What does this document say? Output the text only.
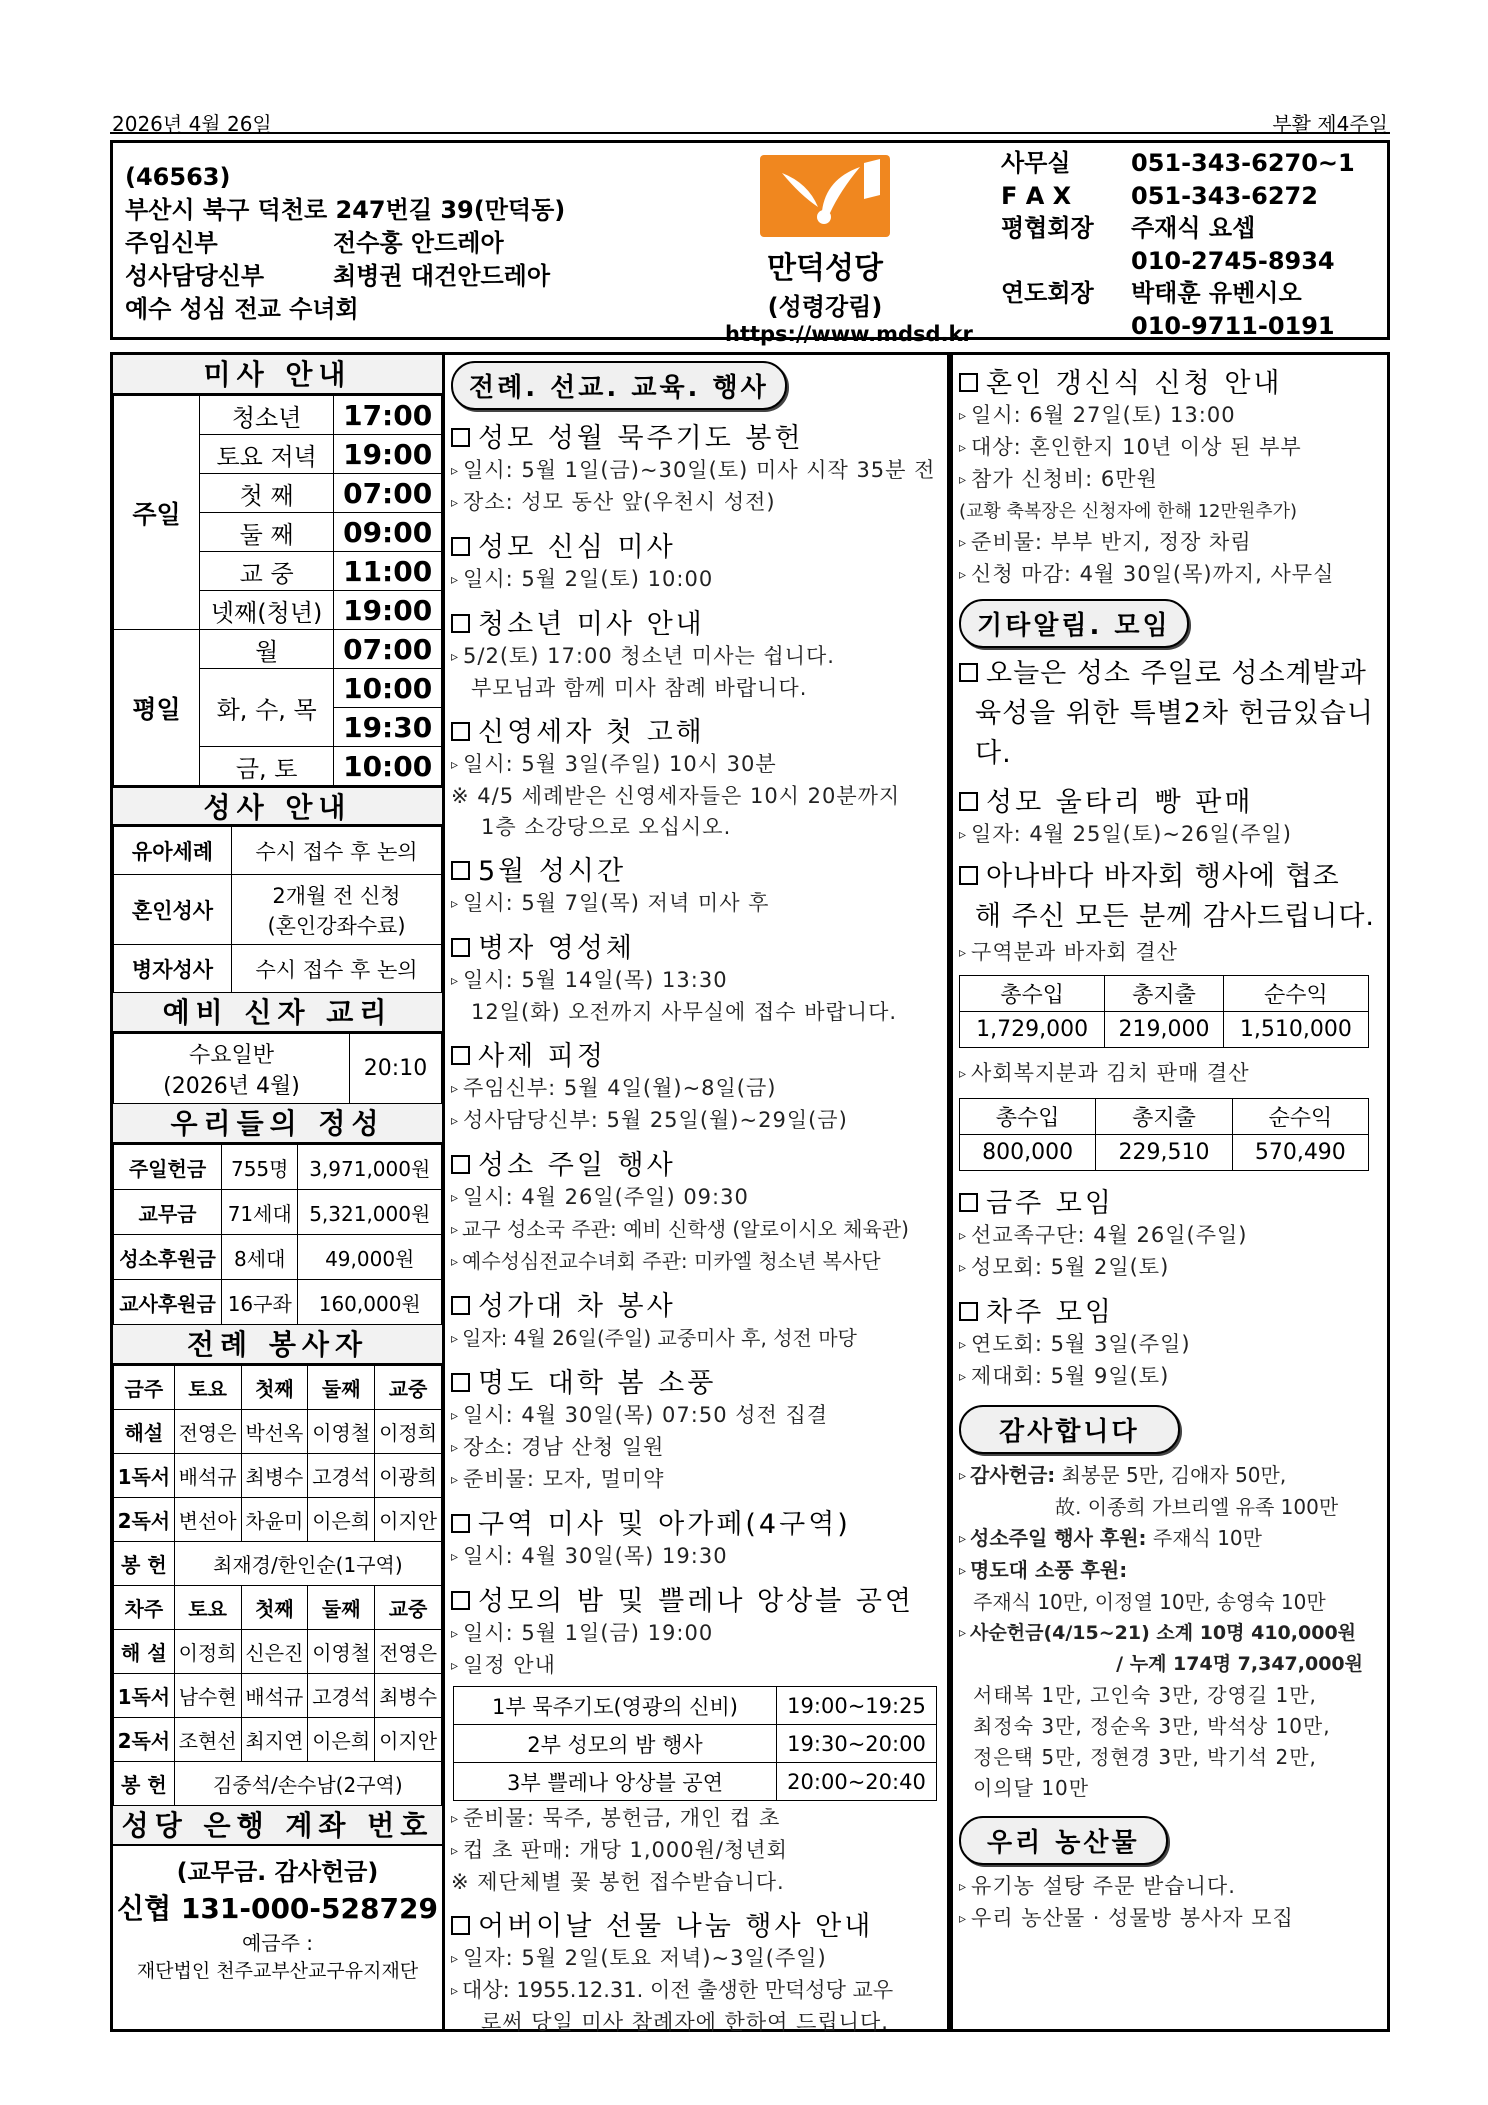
2026년 4월 26일	부활 제4주일
(46563)
부산시 북구 덕천로 247번길 39(만덕동)
주임신부	전수홍 안드레아
성사담당신부	최병권 대건안드레아
예수 성심 전교 수녀회
만덕성당
(성령강림)
https://www.mdsd.kr
사무실	051-343-6270~1
F A X 051-343-6272
평협회장 주재식 요셉
010-2745-8934
연도회장 박태훈 유벤시오
010-9711-0191
미사 안내
주일	청소년	17:00
	토요 저녁	19:00
	첫 째	07:00
	둘 째	09:00
	교 중	11:00
	넷째(청년)	19:00
평일	월	07:00
	화, 수, 목	10:00
		19:30
	금, 토	10:00
성사 안내
유아세례	수시 접수 후 논의
혼인성사	2개월 전 신청
(혼인강좌수료)

병자성사	수시 접수 후 논의
예비 신자 교리
수요일반
(2026년 4월)
	20:10
우리들의 정성
주일헌금	755명	3,971,000원
교무금	71세대	5,321,000원
성소후원금	8세대	49,000원
교사후원금	16구좌	160,000원
전례 봉사자
금주	토요	첫째	둘째	교중
해설	전영은	박선옥	이영철	이정희
1독서	배석규	최병수	고경석	이광희
2독서	변선아	차윤미	이은희	이지안
봉 헌	최재경/한인순(1구역)			
차주	토요	첫째	둘째	교중
해 설	이정희	신은진	이영철	전영은
1독서	남수현	배석규	고경석	최병수
2독서	조현선	최지연	이은희	이지안
봉 헌	김중석/손수남(2구역)			
성당 은행 계좌 번호
(교무금. 감사헌금)
신협 131-000-528729
예금주 :
재단법인 천주교부산교구유지재단
전례. 선교. 교육. 행사
성모 성월 묵주기도 봉헌
▹ 일시: 5월 1일(금)~30일(토) 미사 시작 35분 전
▹ 장소: 성모 동산 앞(우천시 성전)
성모 신심 미사
▹ 일시: 5월 2일(토) 10:00
청소년 미사 안내
▹ 5/2(토) 17:00 청소년 미사는 쉽니다.
부모님과 함께 미사 참례 바랍니다.
신영세자 첫 고해
▹ 일시: 5월 3일(주일) 10시 30분
※ 4/5 세례받은 신영세자들은 10시 20분까지
1층 소강당으로 오십시오.
5월 성시간
▹ 일시: 5월 7일(목) 저녁 미사 후
병자 영성체
▹ 일시: 5월 14일(목) 13:30
12일(화) 오전까지 사무실에 접수 바랍니다.
사제 피정
▹ 주임신부: 5월 4일(월)~8일(금)
▹ 성사담당신부: 5월 25일(월)~29일(금)
성소 주일 행사
▹ 일시: 4월 26일(주일) 09:30
▹ 교구 성소국 주관: 예비 신학생 (알로이시오 체육관)
▹ 예수성심전교수녀회 주관: 미카엘 청소년 복사단
성가대 차 봉사
▹ 일자: 4월 26일(주일) 교중미사 후, 성전 마당
명도 대학 봄 소풍
▹ 일시: 4월 30일(목) 07:50 성전 집결
▹ 장소: 경남 산청 일원
▹ 준비물: 모자, 멀미약
구역 미사 및 아가페(4구역)
▹ 일시: 4월 30일(목) 19:30
성모의 밤 및 쁠레나 앙상블 공연
▹ 일시: 5월 1일(금) 19:00
▹ 일정 안내
1부 묵주기도(영광의 신비)	19:00~19:25
2부 성모의 밤 행사	19:30~20:00
3부 쁠레나 앙상블 공연	20:00~20:40
▹ 준비물: 묵주, 봉헌금, 개인 컵 초
▹ 컵 초 판매: 개당 1,000원/청년회
※ 제단체별 꽃 봉헌 접수받습니다.
어버이날 선물 나눔 행사 안내
▹ 일자: 5월 2일(토요 저녁)~3일(주일)
▹ 대상: 1955.12.31. 이전 출생한 만덕성당 교우
로써 당일 미사 참례자에 한하여 드립니다.
혼인 갱신식 신청 안내
▹ 일시: 6월 27일(토) 13:00
▹ 대상: 혼인한지 10년 이상 된 부부
▹ 참가 신청비: 6만원
(교황 축복장은 신청자에 한해 12만원추가)
▹ 준비물: 부부 반지, 정장 차림
▹ 신청 마감: 4월 30일(목)까지, 사무실
기타알림. 모임
오늘은 성소 주일로 성소계발과
육성을 위한 특별2차 헌금있습니다.
성모 울타리 빵 판매
▹ 일자: 4월 25일(토)~26일(주일)
아나바다 바자회 행사에 협조
해 주신 모든 분께 감사드립니다.
▹ 구역분과 바자회 결산
총수입	총지출	순수익
1,729,000	219,000	1,510,000
▹ 사회복지분과 김치 판매 결산
총수입	총지출	순수익
800,000	229,510	570,490
금주 모임
▹ 선교족구단: 4월 26일(주일)
▹ 성모회: 5월 2일(토)
차주 모임
▹ 연도회: 5월 3일(주일)
▹ 제대회: 5월 9일(토)
감사합니다
▹ 감사헌금: 최봉문 5만, 김애자 50만,
故. 이종희 가브리엘 유족 100만
▹ 성소주일 행사 후원: 주재식 10만
▹ 명도대 소풍 후원:
주재식 10만, 이정열 10만, 송영숙 10만
▹ 사순헌금(4/15~21) 소계 10명 410,000원
/ 누계 174명 7,347,000원
서태복 1만, 고인숙 3만, 강영길 1만,
최정숙 3만, 정순옥 3만, 박석상 10만,
정은택 5만, 정현경 3만, 박기석 2만,
이의달 10만
우리 농산물
▹ 유기농 설탕 주문 받습니다.
▹ 우리 농산물 · 성물방 봉사자 모집
